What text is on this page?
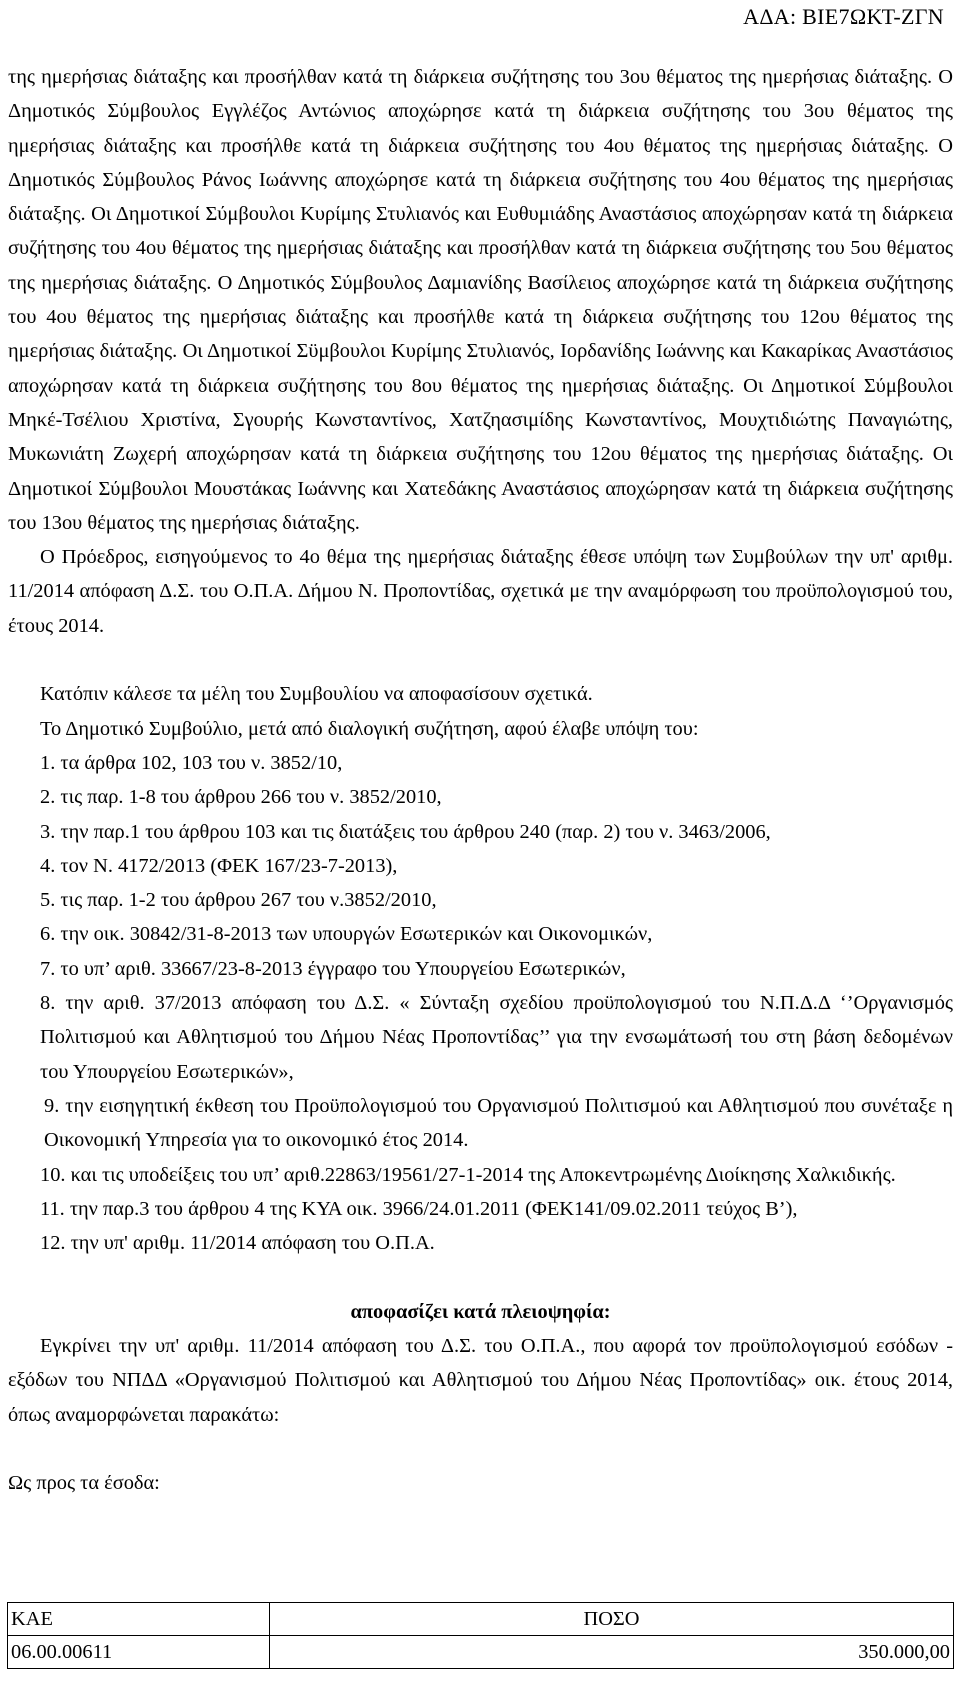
ΑΔΑ: ΒΙΕ7ΩΚΤ-ΖΓΝ

της ημερήσιας διάταξης και προσήλθαν κατά τη διάρκεια συζήτησης του 3ου θέματος της ημερήσιας διάταξης. Ο Δημοτικός Σύμβουλος Εγγλέζος Αντώνιος αποχώρησε κατά τη διάρκεια συζήτησης του 3ου θέματος της ημερήσιας διάταξης και προσήλθε κατά τη διάρκεια συζήτησης του 4ου θέματος της ημερήσιας διάταξης. Ο Δημοτικός Σύμβουλος Ράνος Ιωάννης αποχώρησε κατά τη διάρκεια συζήτησης του 4ου θέματος της ημερήσιας διάταξης. Οι Δημοτικοί Σύμβουλοι Κυρίμης Στυλιανός και Ευθυμιάδης Αναστάσιος αποχώρησαν κατά τη διάρκεια συζήτησης του 4ου θέματος της ημερήσιας διάταξης και προσήλθαν κατά τη διάρκεια συζήτησης του 5ου θέματος της ημερήσιας διάταξης. Ο Δημοτικός Σύμβουλος Δαμιανίδης Βασίλειος αποχώρησε κατά τη διάρκεια συζήτησης του 4ου θέματος της ημερήσιας διάταξης και προσήλθε κατά τη διάρκεια συζήτησης του 12ου θέματος της ημερήσιας διάταξης. Οι Δημοτικοί Σϋμβουλοι Κυρίμης Στυλιανός, Ιορδανίδης Ιωάννης και Κακαρίκας Αναστάσιος αποχώρησαν κατά τη διάρκεια συζήτησης του 8ου θέματος της ημερήσιας διάταξης. Οι Δημοτικοί Σύμβουλοι Μηκέ-Τσέλιου Χριστίνα, Σγουρής Κωνσταντίνος, Χατζηασιμίδης Κωνσταντίνος, Μουχτιδιώτης Παναγιώτης, Μυκωνιάτη Ζωχερή αποχώρησαν κατά τη διάρκεια συζήτησης του 12ου θέματος της ημερήσιας διάταξης. Οι Δημοτικοί Σύμβουλοι Μουστάκας Ιωάννης και Χατεδάκης Αναστάσιος αποχώρησαν κατά τη διάρκεια συζήτησης του 13ου θέματος της ημερήσιας διάταξης.

Ο Πρόεδρος, εισηγούμενος το 4ο θέμα της ημερήσιας διάταξης έθεσε υπόψη των Συμβούλων την υπ' αριθμ. 11/2014 απόφαση Δ.Σ. του Ο.Π.Α. Δήμου Ν. Προποντίδας, σχετικά με την αναμόρφωση του προϋπολογισμού του, έτους 2014.

Κατόπιν κάλεσε τα μέλη του Συμβουλίου να αποφασίσουν σχετικά.

Το Δημοτικό Συμβούλιο, μετά από διαλογική συζήτηση, αφού έλαβε υπόψη του:

1. τα άρθρα 102, 103 του ν. 3852/10,

2. τις παρ. 1-8 του άρθρου 266 του ν. 3852/2010,

3. την παρ.1 του άρθρου 103 και τις διατάξεις του άρθρου 240 (παρ. 2) του ν. 3463/2006,

4. τον Ν. 4172/2013 (ΦΕΚ 167/23-7-2013),

5. τις παρ. 1-2 του άρθρου 267 του ν.3852/2010,

6. την οικ. 30842/31-8-2013 των υπουργών Εσωτερικών και Οικονομικών,

7. το υπ’ αριθ. 33667/23-8-2013 έγγραφο του Υπουργείου Εσωτερικών,

8. την αριθ. 37/2013 απόφαση του Δ.Σ. « Σύνταξη σχεδίου προϋπολογισμού του Ν.Π.Δ.Δ ‘’Οργανισμός Πολιτισμού και Αθλητισμού του Δήμου Νέας Προποντίδας’’ για την ενσωμάτωσή του στη βάση δεδομένων του Υπουργείου Εσωτερικών»,

9. την εισηγητική έκθεση του Προϋπολογισμού του Οργανισμού Πολιτισμού και Αθλητισμού που συνέταξε η Οικονομική Υπηρεσία για το οικονομικό έτος 2014.

10. και τις υποδείξεις του υπ’ αριθ.22863/19561/27-1-2014 της Αποκεντρωμένης Διοίκησης Χαλκιδικής.

11. την παρ.3 του άρθρου 4 της ΚΥΑ οικ. 3966/24.01.2011 (ΦΕΚ141/09.02.2011 τεύχος Β’),

12. την υπ' αριθμ. 11/2014 απόφαση του Ο.Π.Α.

αποφασίζει κατά πλειοψηφία:

Εγκρίνει την υπ' αριθμ. 11/2014 απόφαση του Δ.Σ. του Ο.Π.Α., που αφορά τον προϋπολογισμού εσόδων - εξόδων του ΝΠΔΔ «Οργανισμού Πολιτισμού και Αθλητισμού του Δήμου Νέας Προποντίδας» οικ. έτους 2014, όπως αναμορφώνεται παρακάτω:

Ως προς τα έσοδα:

ΚΑΕ	ΠΟΣΟ
06.00.00611	350.000,00
